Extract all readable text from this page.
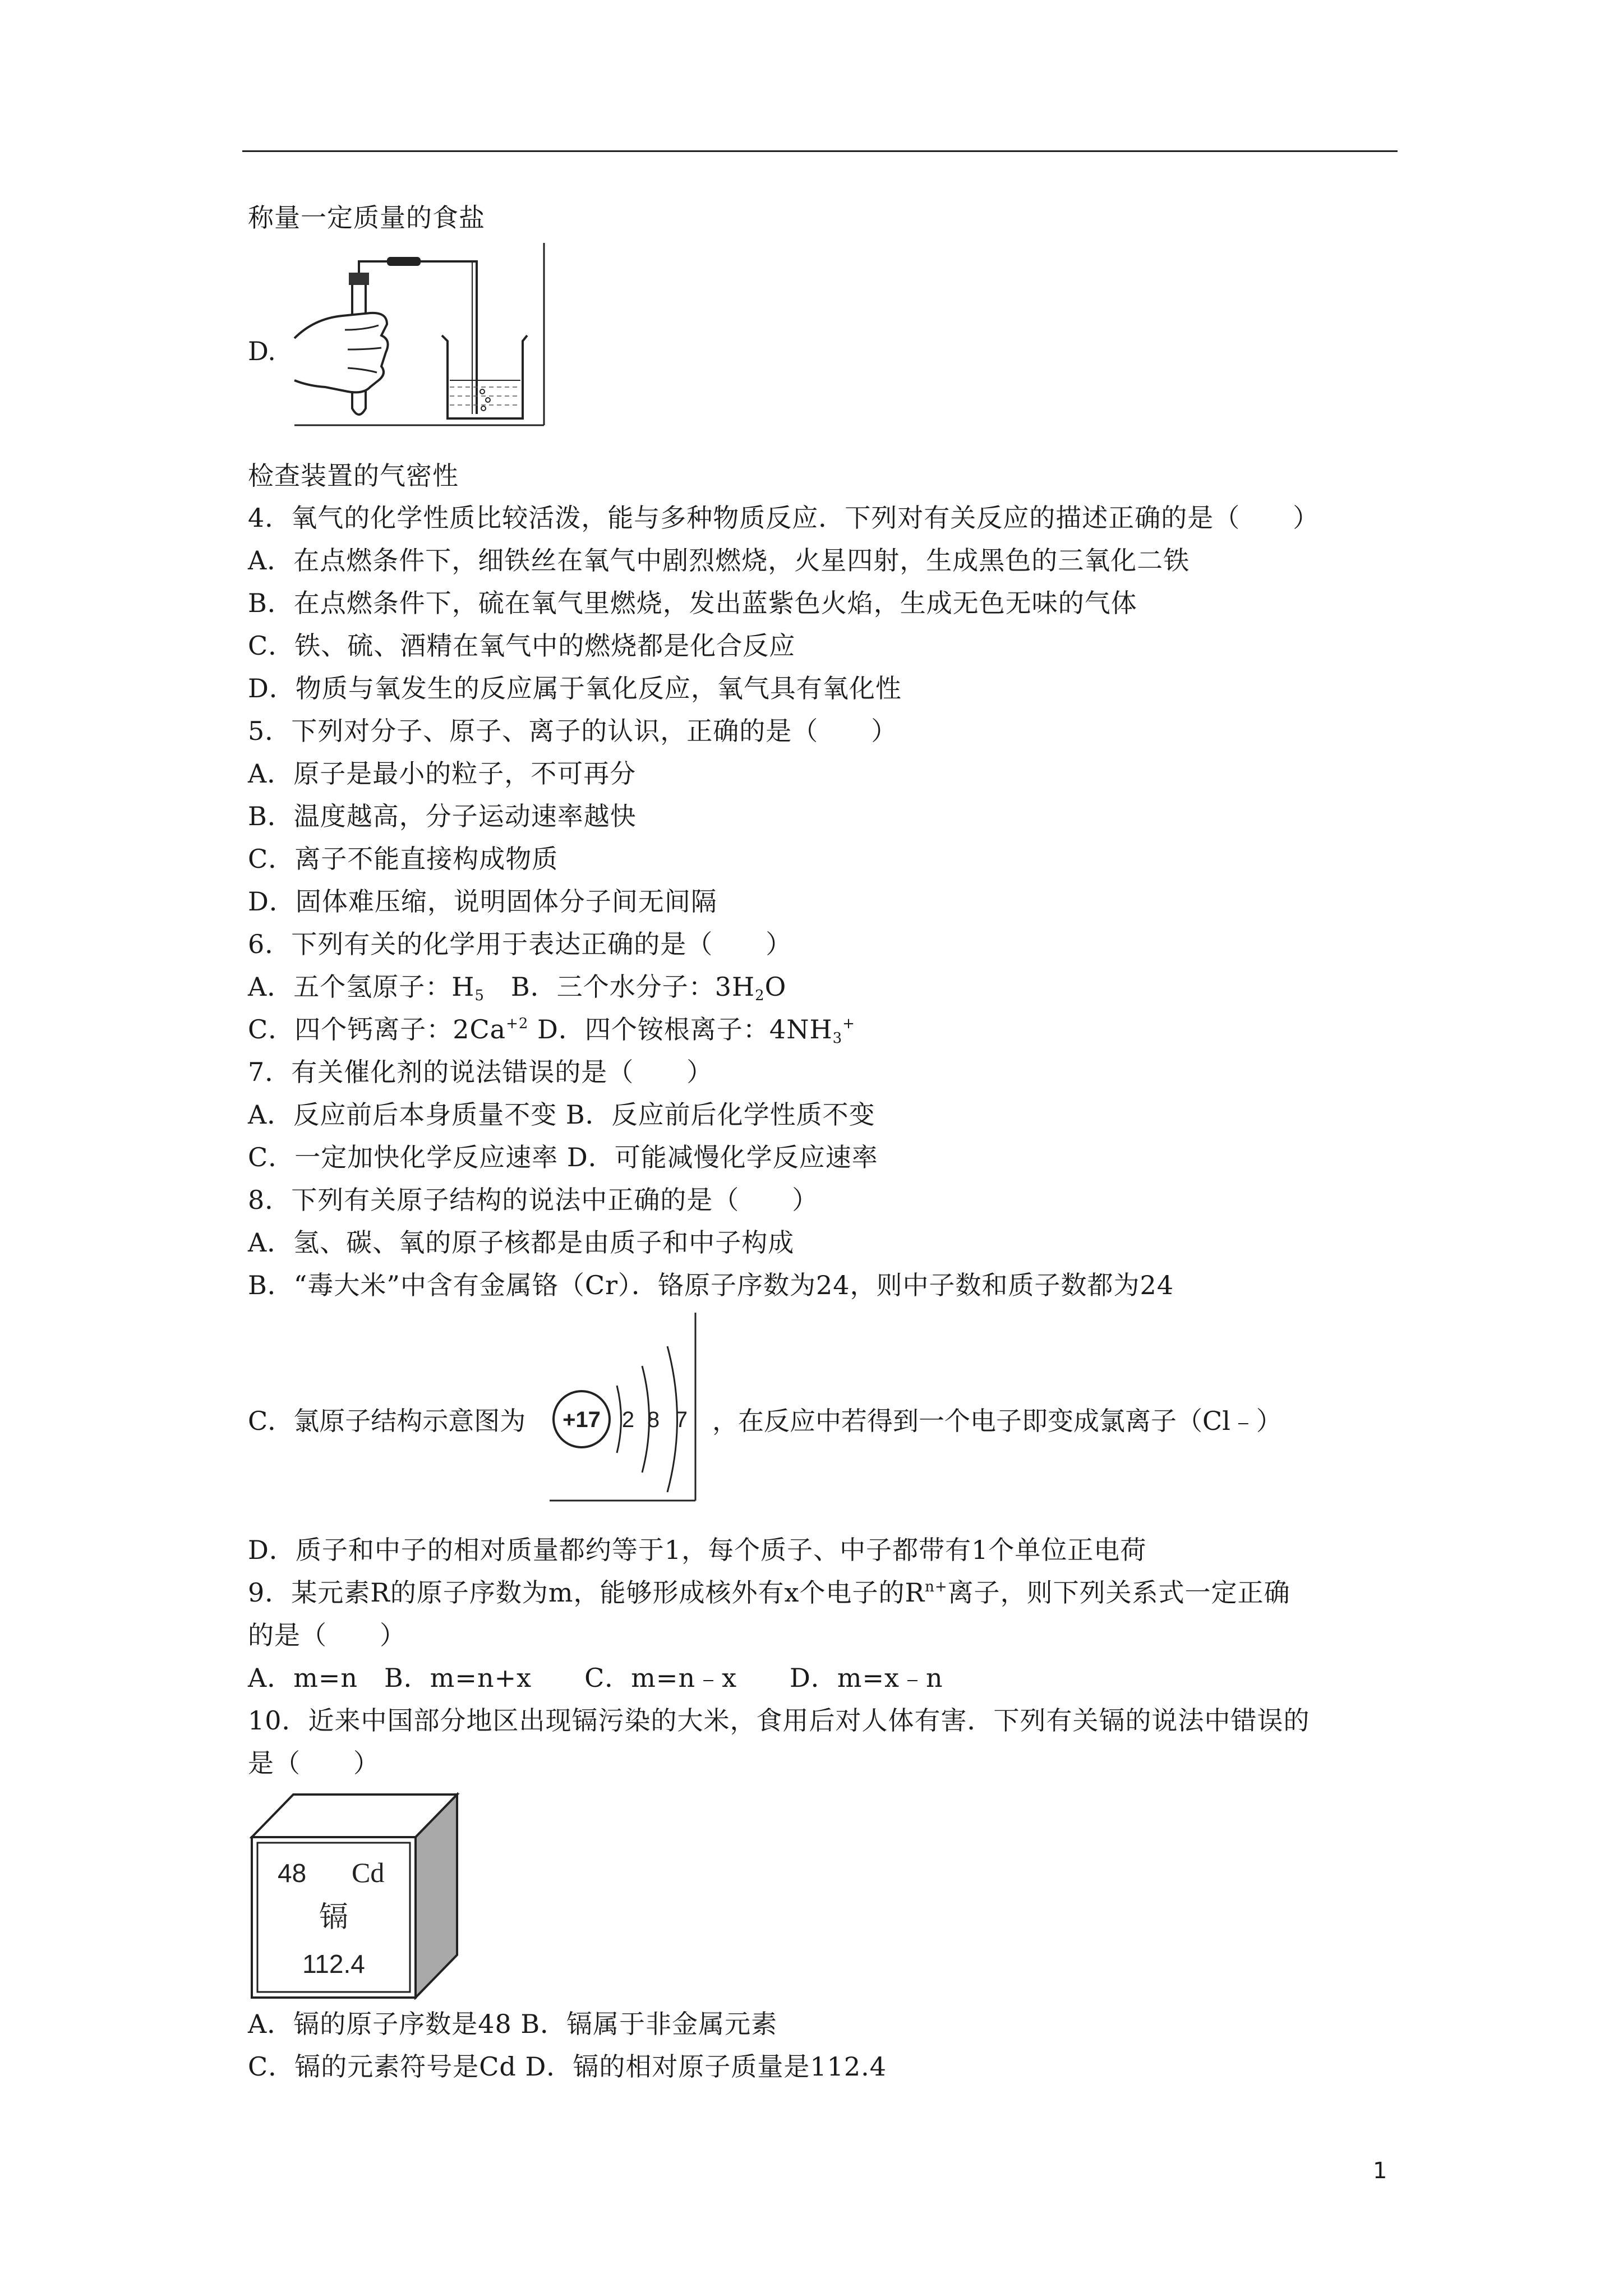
称量一定质量的食盐
D.
检查装置的气密性
4．氧气的化学性质比较活泼，能与多种物质反应．下列对有关反应的描述正确的是（　　）
A．在点燃条件下，细铁丝在氧气中剧烈燃烧，火星四射，生成黑色的三氧化二铁
B．在点燃条件下，硫在氧气里燃烧，发出蓝紫色火焰，生成无色无味的气体
C．铁、硫、酒精在氧气中的燃烧都是化合反应
D．物质与氧发生的反应属于氧化反应，氧气具有氧化性
5．下列对分子、原子、离子的认识，正确的是（　　）
A．原子是最小的粒子，不可再分
B．温度越高，分子运动速率越快
C．离子不能直接构成物质
D．固体难压缩，说明固体分子间无间隔
6．下列有关的化学用于表达正确的是（　　）
A．五个氢原子：$H_5$　B．三个水分子：$3H_2O$
C．四个钙离子：$2Ca^{+2}$ D．四个铵根离子：$4NH_3^+$
7．有关催化剂的说法错误的是（　　）
A．反应前后本身质量不变 B．反应前后化学性质不变
C．一定加快化学反应速率 D．可能减慢化学反应速率
8．下列有关原子结构的说法中正确的是（　　）
A．氢、碳、氧的原子核都是由质子和中子构成
B．“毒大米”中含有金属铬（Cr）．铬原子序数为24，则中子数和质子数都为24
C．氯原子结构示意图为 +17 2 8 7 ，在反应中若得到一个电子即变成氯离子（Cl﹣）
D．质子和中子的相对质量都约等于1，每个质子、中子都带有1个单位正电荷
9．某元素R的原子序数为m，能够形成核外有x个电子的$R^{n+}$离子，则下列关系式一定正确
的是（　　）
A．m=n　B．m=n+x　　C．m=n﹣x　　D．m=x﹣n
10．近来中国部分地区出现镉污染的大米，食用后对人体有害．下列有关镉的说法中错误的
是（　　）
48 Cd
镉
112.4
A．镉的原子序数是48 B．镉属于非金属元素
C．镉的元素符号是Cd D．镉的相对原子质量是112.4
1
